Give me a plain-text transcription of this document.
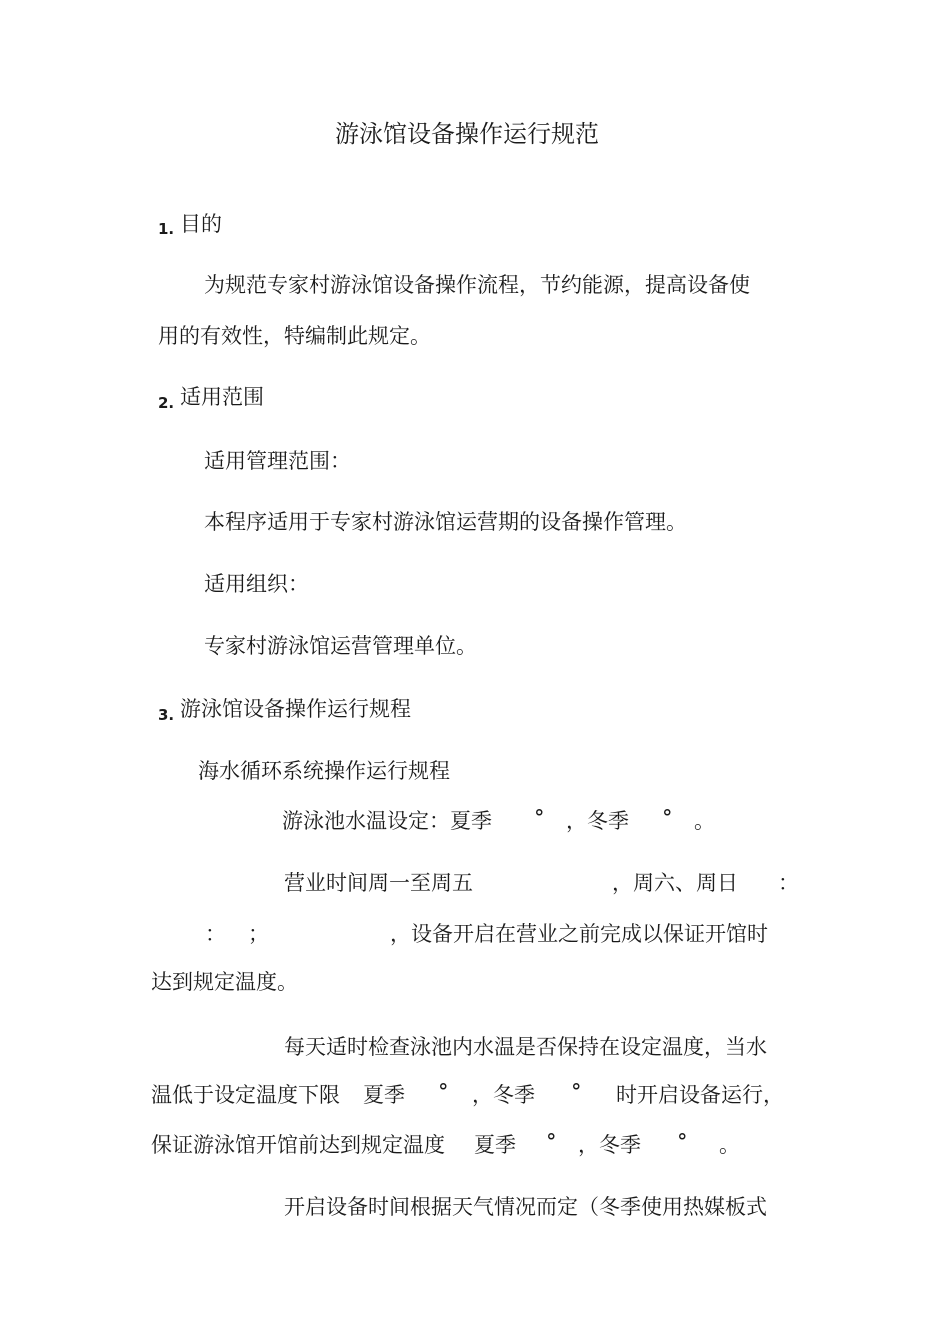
游泳馆设备操作运行规范
1. 目的
为规范专家村游泳馆设备操作流程，节约能源，提高设备使
用的有效性，特编制此规定。
2. 适用范围
适用管理范围：
本程序适用于专家村游泳馆运营期的设备操作管理。
适用组织：
专家村游泳馆运营管理单位。
3. 游泳馆设备操作运行规程
海水循环系统操作运行规程
游泳池水温设定：夏季 ° ，冬季 ° 。
营业时间周一至周五	，周六、周日 ：
： ；	，设备开启在营业之前完成以保证开馆时
达到规定温度。
每天适时检查泳池内水温是否保持在设定温度，当水
温低于设定温度下限 夏季 ° ，冬季 ° 时开启设备运行，
保证游泳馆开馆前达到规定温度 夏季 ° ，冬季 ° 。
开启设备时间根据天气情况而定（冬季使用热媒板式
